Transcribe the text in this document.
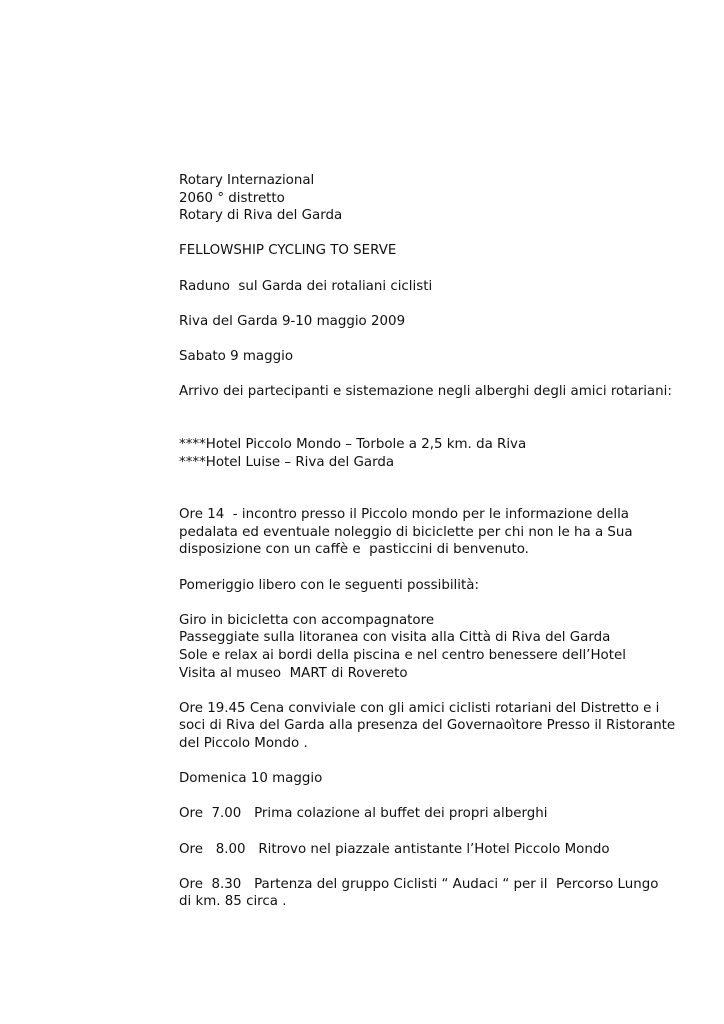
Rotary Internazional

2060 ° distretto

Rotary di Riva del Garda

FELLOWSHIP CYCLING TO SERVE

Raduno  sul Garda dei rotaliani ciclisti

Riva del Garda 9-10 maggio 2009

Sabato 9 maggio

Arrivo dei partecipanti e sistemazione negli alberghi degli amici rotariani:

****Hotel Piccolo Mondo – Torbole a 2,5 km. da Riva

****Hotel Luise – Riva del Garda

Ore 14  - incontro presso il Piccolo mondo per le informazione della pedalata ed eventuale noleggio di biciclette per chi non le ha a Sua disposizione con un caffè e  pasticcini di benvenuto.

Pomeriggio libero con le seguenti possibilità:

Giro in bicicletta con accompagnatore

Passeggiate sulla litoranea con visita alla Città di Riva del Garda

Sole e relax ai bordi della piscina e nel centro benessere dell’Hotel

Visita al museo  MART di Rovereto

Ore 19.45 Cena conviviale con gli amici ciclisti rotariani del Distretto e i soci di Riva del Garda alla presenza del Governaoìtore Presso il Ristorante del Piccolo Mondo .

Domenica 10 maggio

Ore  7.00   Prima colazione al buffet dei propri alberghi

Ore   8.00   Ritrovo nel piazzale antistante l’Hotel Piccolo Mondo

Ore  8.30   Partenza del gruppo Ciclisti “ Audaci “ per il  Percorso Lungo  di km. 85 circa .
